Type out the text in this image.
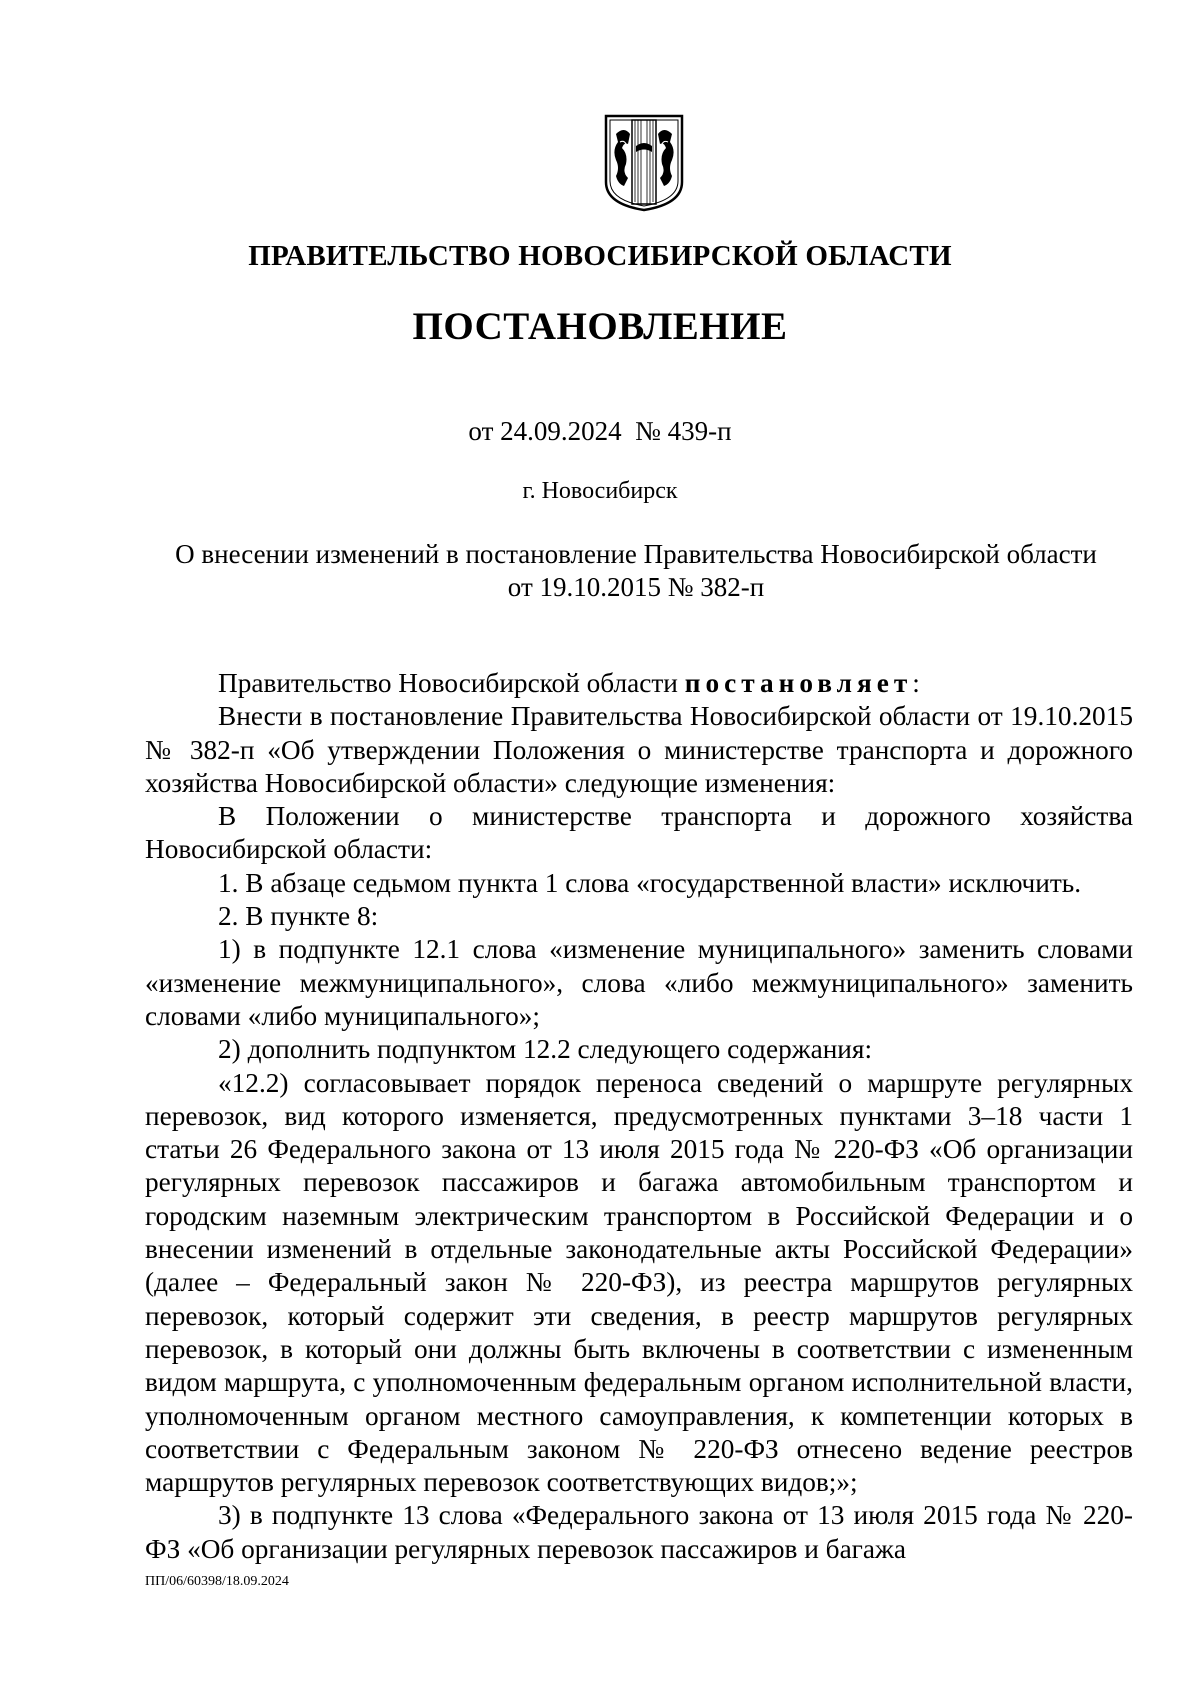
ПРАВИТЕЛЬСТВО НОВОСИБИРСКОЙ ОБЛАСТИ
ПОСТАНОВЛЕНИЕ
от 24.09.2024  № 439-п
г. Новосибирск
О внесении изменений в постановление Правительства Новосибирской области
от 19.10.2015 № 382-п

Правительство Новосибирской области постановляет:

Внести в постановление Правительства Новосибирской области от 19.10.2015 № 382-п «Об утверждении Положения о министерстве транспорта и дорожного хозяйства Новосибирской области» следующие изменения:

В Положении о министерстве транспорта и дорожного хозяйства Новосибирской области:

1. В абзаце седьмом пункта 1 слова «государственной власти» исключить.

2. В пункте 8:

1) в подпункте 12.1 слова «изменение муниципального» заменить словами «изменение межмуниципального», слова «либо межмуниципального» заменить словами «либо муниципального»;

2) дополнить подпунктом 12.2 следующего содержания:

«12.2) согласовывает порядок переноса сведений о маршруте регулярных перевозок, вид которого изменяется, предусмотренных пунктами 3–18 части 1 статьи 26 Федерального закона от 13 июля 2015 года № 220-ФЗ «Об организации регулярных перевозок пассажиров и багажа автомобильным транспортом и городским наземным электрическим транспортом в Российской Федерации и о внесении изменений в отдельные законодательные акты Российской Федерации» (далее – Федеральный закон № 220-ФЗ), из реестра маршрутов регулярных перевозок, который содержит эти сведения, в реестр маршрутов регулярных перевозок, в который они должны быть включены в соответствии с измененным видом маршрута, с уполномоченным федеральным органом исполнительной власти, уполномоченным органом местного самоуправления, к компетенции которых в соответствии с Федеральным законом № 220-ФЗ отнесено ведение реестров маршрутов регулярных перевозок соответствующих видов;»;

3) в подпункте 13 слова «Федерального закона от 13 июля 2015 года № 220-ФЗ «Об организации регулярных перевозок пассажиров и багажа

ПП/06/60398/18.09.2024
